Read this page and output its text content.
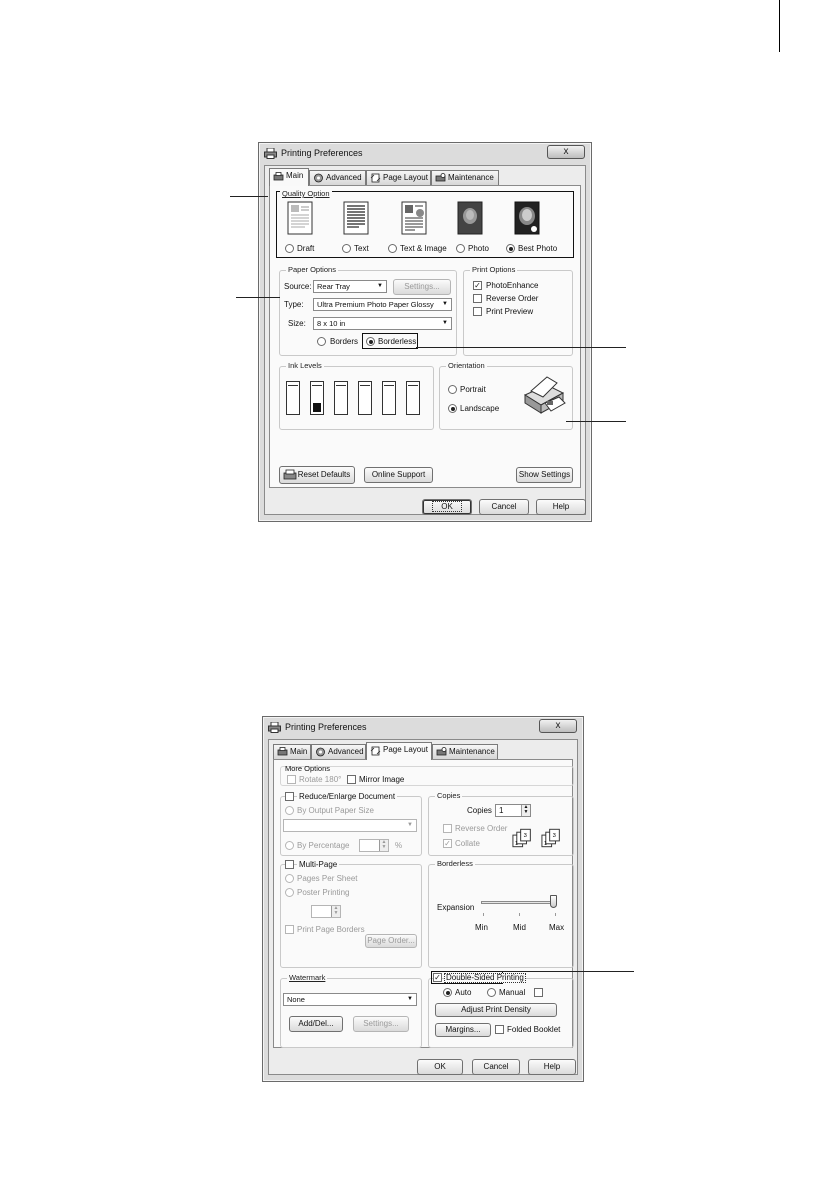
Printing Preferences	x
Main	Advanced	Page Layout	Maintenance
Quality Option
Draft	Text	Text & Image	Photo	Best Photo
Paper Options
Source: Rear Tray	▼	Settings...
Type:	Ultra Premium Photo Paper Glossy ▼
Size:	8 x 10 in	▼
Borders Borderless
Print Options
✓ PhotoEnhance
Reverse Order
Print Preview
Ink Levels	Orientation
Portrait
Landscape
Reset Defaults	Online Support	Show Settings
OK	Cancel	Help
Printing Preferences	x
Main	Advanced	Page Layout	Maintenance
More Options
Rotate 180° Mirror Image
Reduce/Enlarge Document
By Output Paper Size
▼
By Percentage	▲
▼ %
Copies
Copies 1	▲
▼
Reverse Order
✓ Collate	1
3
1
3
Multi-Page
Pages Per Sheet
Poster Printing
▲
▼
Print Page Borders
Page Order...
Borderless
Expansion
Min	Mid	Max
Watermark
None	▼
Add/Del...	Settings...
✓ Double-Sided Printing
Auto	Manual
Adjust Print Density
Margins...	Folded Booklet
OK	Cancel	Help
